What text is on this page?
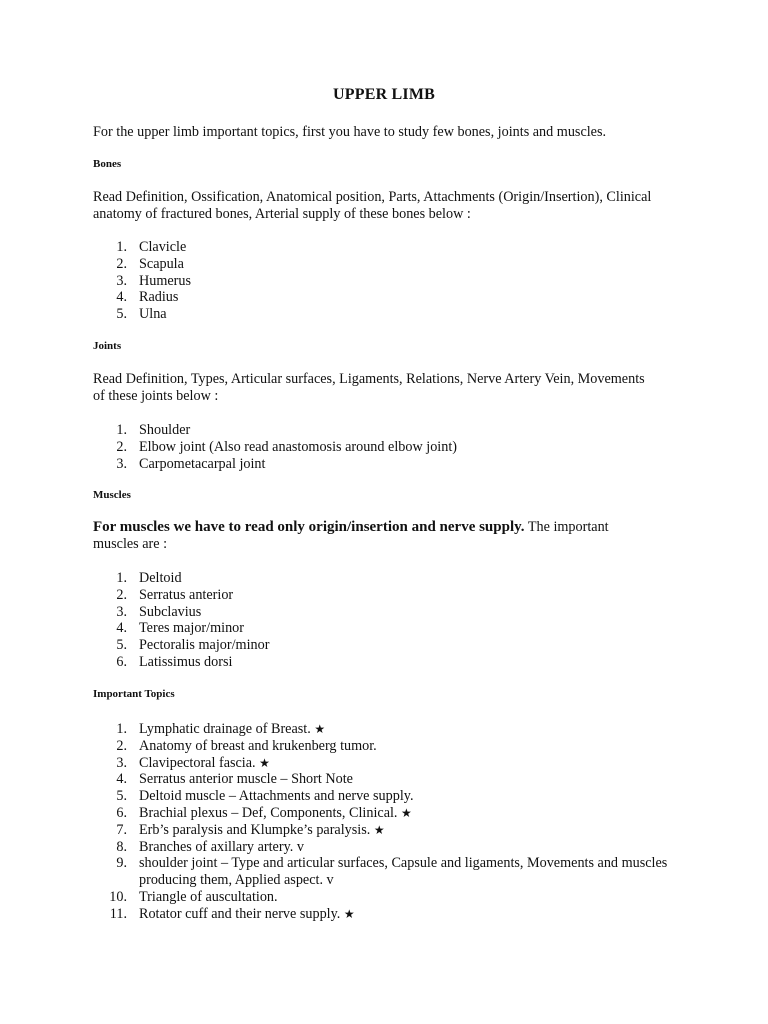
UPPER LIMB
For the upper limb important topics, first you have to study few bones, joints and muscles.
Bones
Read Definition, Ossification, Anatomical position, Parts, Attachments (Origin/Insertion), Clinical anatomy of fractured bones, Arterial supply of these bones below :
1. Clavicle
2. Scapula
3. Humerus
4. Radius
5. Ulna
Joints
Read Definition, Types, Articular surfaces, Ligaments, Relations, Nerve Artery Vein, Movements of these joints below :
1. Shoulder
2. Elbow joint (Also read anastomosis around elbow joint)
3. Carpometacarpal joint
Muscles
For muscles we have to read only origin/insertion and nerve supply. The important muscles are :
1. Deltoid
2. Serratus anterior
3. Subclavius
4. Teres major/minor
5. Pectoralis major/minor
6. Latissimus dorsi
Important Topics
1. Lymphatic drainage of Breast. ★
2. Anatomy of breast and krukenberg tumor.
3. Clavipectoral fascia. ★
4. Serratus anterior muscle – Short Note
5. Deltoid muscle – Attachments and nerve supply.
6. Brachial plexus – Def, Components, Clinical. ★
7. Erb’s paralysis and Klumpke’s paralysis. ★
8. Branches of axillary artery. v
9. shoulder joint – Type and articular surfaces, Capsule and ligaments, Movements and muscles producing them, Applied aspect. v
10. Triangle of auscultation.
11. Rotator cuff and their nerve supply. ★
